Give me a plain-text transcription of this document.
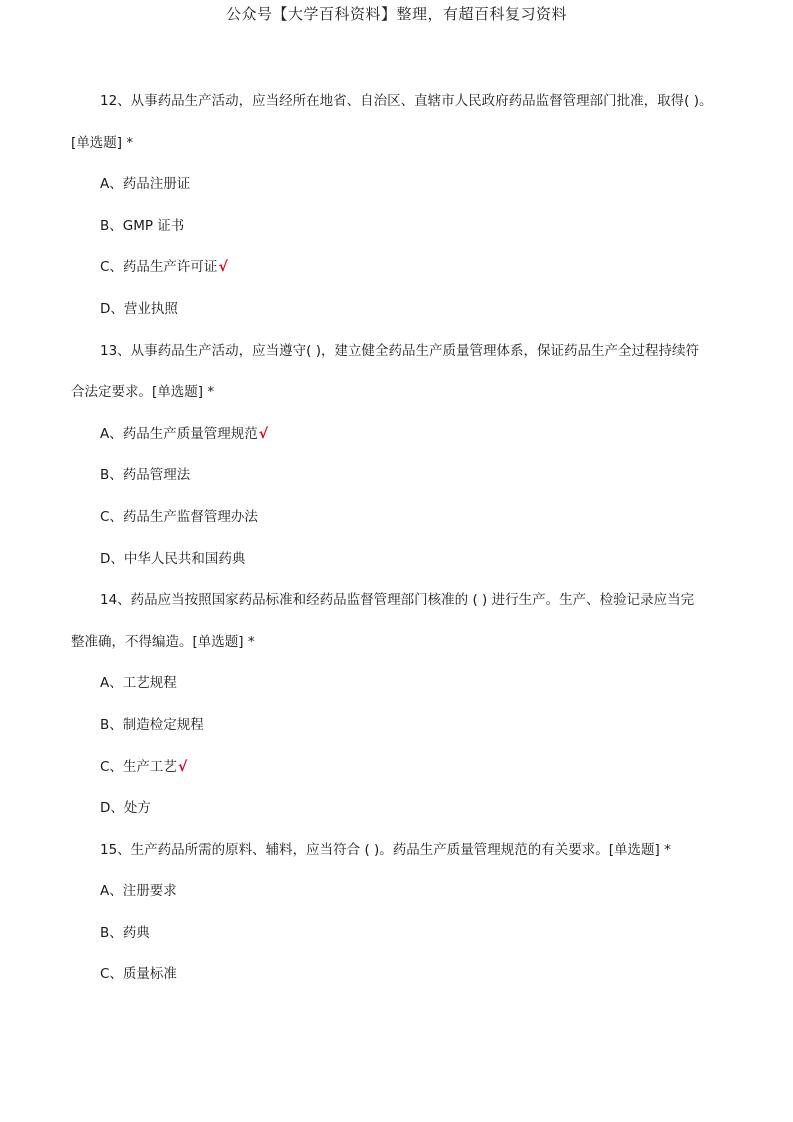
公众号【大学百科资料】整理，有超百科复习资料
12、从事药品生产活动，应当经所在地省、自治区、直辖市人民政府药品监督管理部门批准，取得( )。
[单选题] *
A、药品注册证
B、GMP 证书
C、药品生产许可证√
D、营业执照
13、从事药品生产活动，应当遵守( )，建立健全药品生产质量管理体系，保证药品生产全过程持续符
合法定要求。[单选题] *
A、药品生产质量管理规范√
B、药品管理法
C、药品生产监督管理办法
D、中华人民共和国药典
14、药品应当按照国家药品标准和经药品监督管理部门核准的 ( ) 进行生产。生产、检验记录应当完
整准确，不得编造。[单选题] *
A、工艺规程
B、制造检定规程
C、生产工艺√
D、处方
15、生产药品所需的原料、辅料，应当符合 ( )。药品生产质量管理规范的有关要求。[单选题] *
A、注册要求
B、药典
C、质量标准
